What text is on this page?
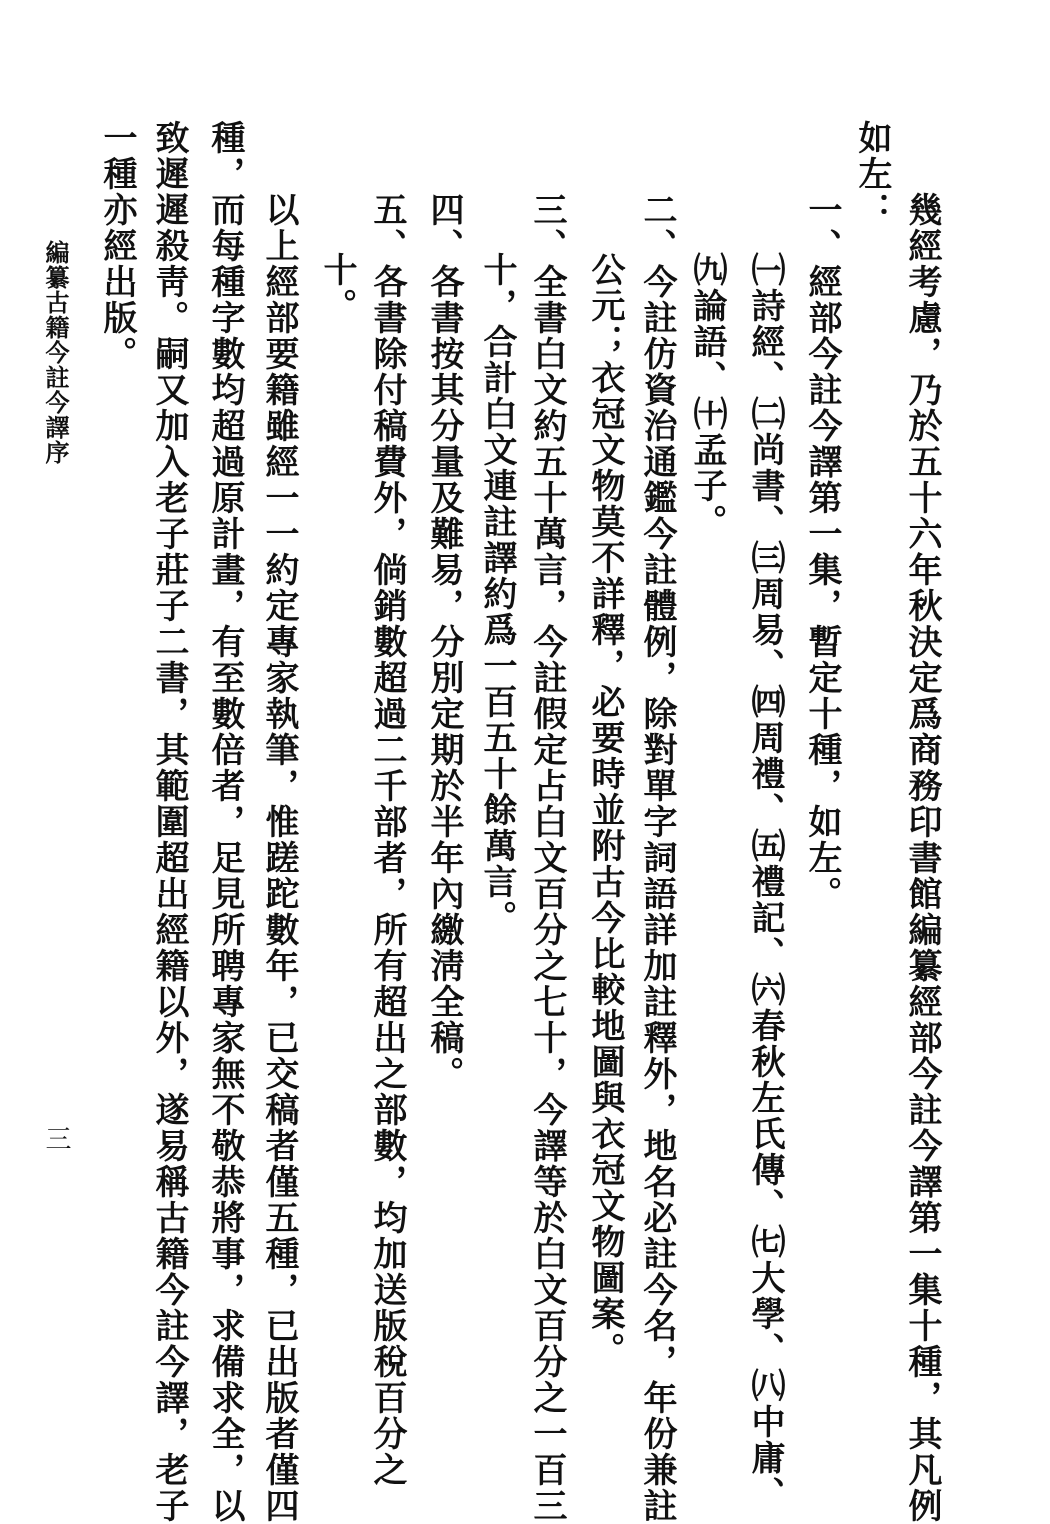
幾經考慮，乃於五十六年秋決定爲商務印書館編纂經部今註今譯第一集十種，其凡例
如左：
一、經部今註今譯第一集，暫定十種，如左。
㈠詩經、㈡尚書、㈢周易、㈣周禮、㈤禮記、㈥春秋左氏傳、㈦大學、㈧中庸、
㈨論語、㈩孟子。
二、今註仿資治通鑑今註體例，除對單字詞語詳加註釋外，地名必註今名，年份兼註
公元；衣冠文物莫不詳釋，必要時並附古今比較地圖與衣冠文物圖案。
三、全書白文約五十萬言，今註假定占白文百分之七十，今譯等於白文百分之一百三
十，合計白文連註譯約爲一百五十餘萬言。
四、各書按其分量及難易，分別定期於半年內繳淸全稿。
五、各書除付稿費外，倘銷數超過二千部者，所有超出之部數，均加送版稅百分之
十。
以上經部要籍雖經一一約定專家執筆，惟蹉跎數年，已交稿者僅五種，已出版者僅四
種，而每種字數均超過原計畫，有至數倍者，足見所聘專家無不敬恭將事，求備求全，以
致遲遲殺靑。嗣又加入老子莊子二書，其範圍超出經籍以外，遂易稱古籍今註今譯，老子
一種亦經出版。
編纂古籍今註今譯序
三
